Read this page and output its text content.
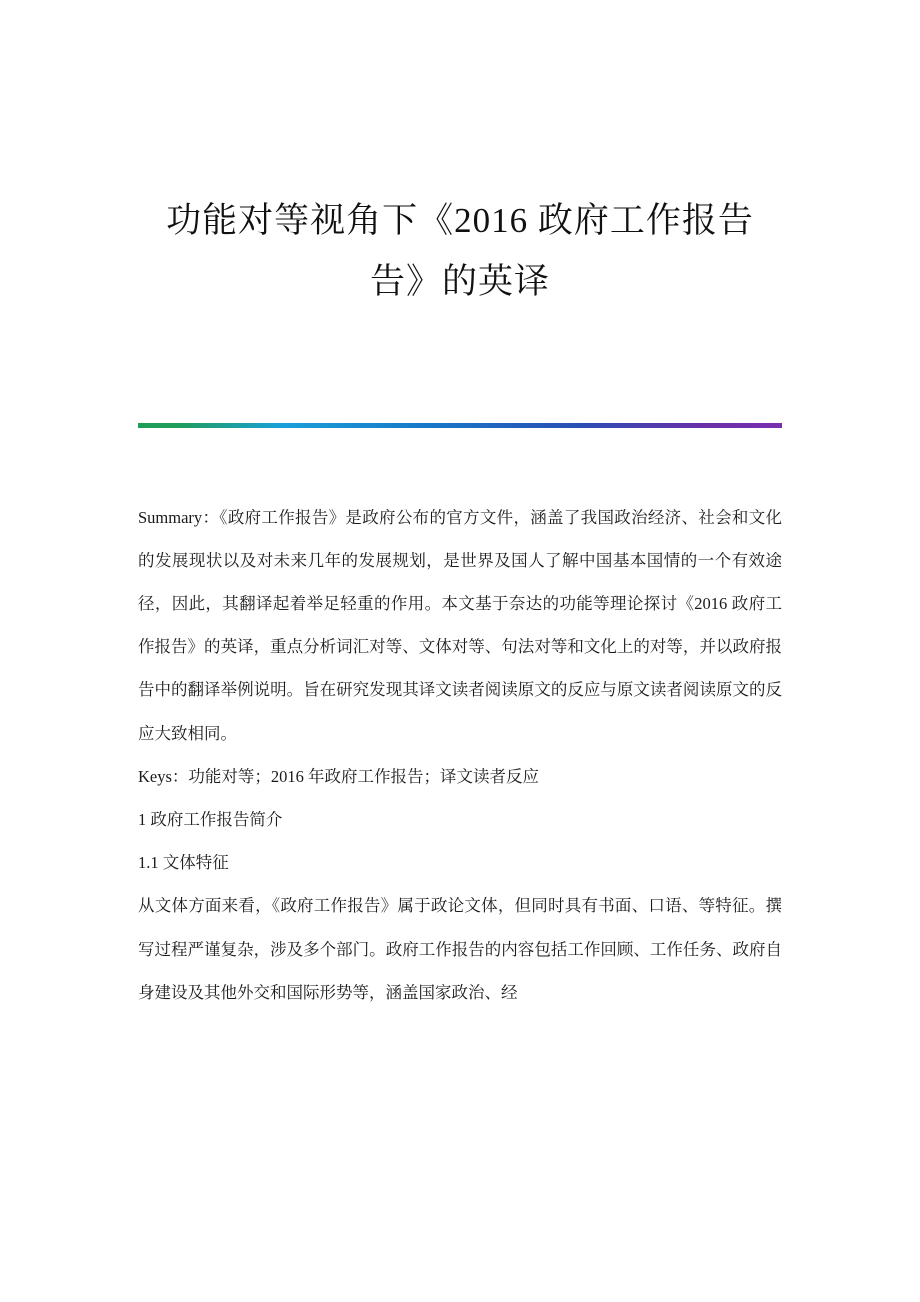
功能对等视角下《2016 政府工作报告
告》的英译

Summary：《政府工作报告》是政府公布的官方文件，涵盖了我国政治经济、社会和文化的发展现状以及对未来几年的发展规划，是世界及国人了解中国基本国情的一个有效途径，因此，其翻译起着举足轻重的作用。本文基于奈达的功能等理论探讨《2016 政府工作报告》的英译，重点分析词汇对等、文体对等、句法对等和文化上的对等，并以政府报告中的翻译举例说明。旨在研究发现其译文读者阅读原文的反应与原文读者阅读原文的反应大致相同。

Keys：功能对等；2016 年政府工作报告；译文读者反应

1 政府工作报告简介

1.1 文体特征

从文体方面来看，《政府工作报告》属于政论文体，但同时具有书面、口语、等特征。撰写过程严谨复杂，涉及多个部门。政府工作报告的内容包括工作回顾、工作任务、政府自身建设及其他外交和国际形势等，涵盖国家政治、经
